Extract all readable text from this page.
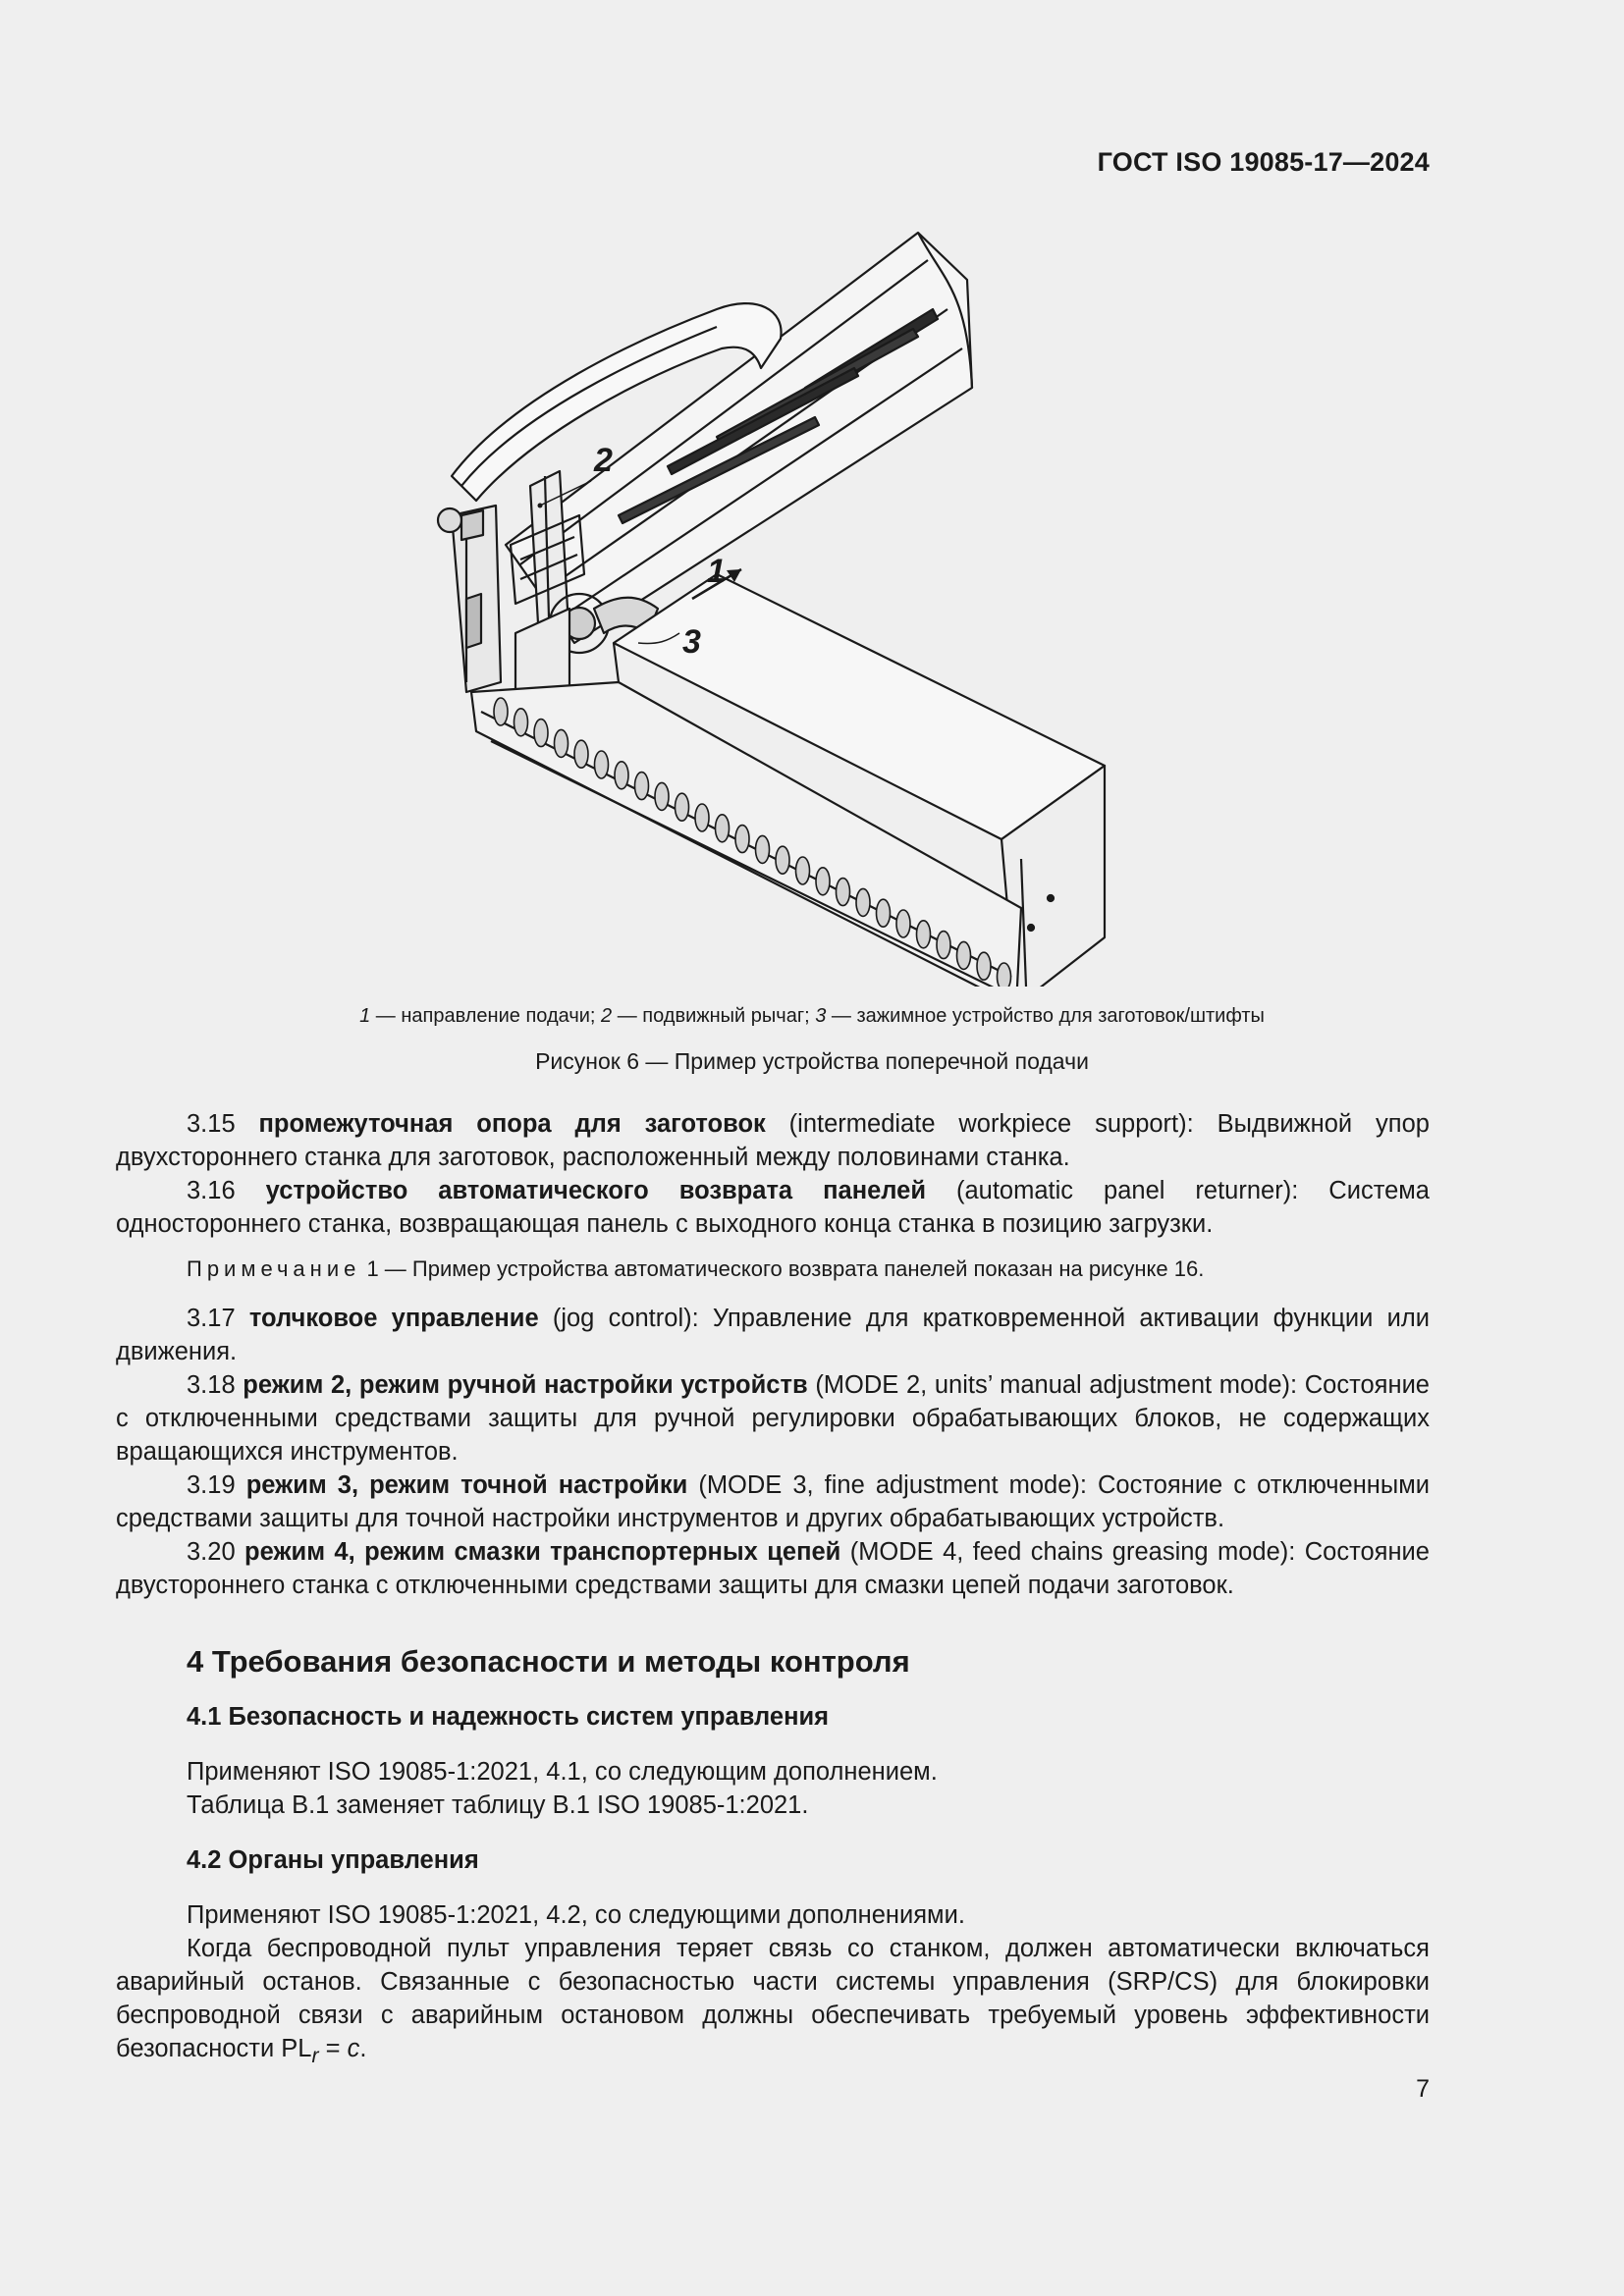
ГОСТ ISO 19085-17—2024
2
1
3
1 — направление подачи; 2 — подвижный рычаг; 3 — зажимное устройство для заготовок/штифты
Рисунок 6 — Пример устройства поперечной подачи

3.15 промежуточная опора для заготовок (intermediate workpiece support): Выдвижной упор двухстороннего станка для заготовок, расположенный между половинами станка.

3.16 устройство автоматического возврата панелей (automatic panel returner): Система одностороннего станка, возвращающая панель с выходного конца станка в позицию загрузки.

Примечание 1 — Пример устройства автоматического возврата панелей показан на рисунке 16.

3.17 толчковое управление (jog control): Управление для кратковременной активации функции или движения.

3.18 режим 2, режим ручной настройки устройств (MODE 2, units’ manual adjustment mode): Состояние с отключенными средствами защиты для ручной регулировки обрабатывающих блоков, не содержащих вращающихся инструментов.

3.19 режим 3, режим точной настройки (MODE 3, fine adjustment mode): Состояние с отключенными средствами защиты для точной настройки инструментов и других обрабатывающих устройств.

3.20 режим 4, режим смазки транспортерных цепей (MODE 4, feed chains greasing mode): Состояние двустороннего станка с отключенными средствами защиты для смазки цепей подачи заготовок.

4 Требования безопасности и методы контроля
4.1 Безопасность и надежность систем управления

Применяют ISO 19085-1:2021, 4.1, со следующим дополнением.

Таблица В.1 заменяет таблицу В.1 ISO 19085-1:2021.

4.2 Органы управления

Применяют ISO 19085-1:2021, 4.2, со следующими дополнениями.

Когда беспроводной пульт управления теряет связь со станком, должен автоматически включаться аварийный останов. Связанные с безопасностью части системы управления (SRP/CS) для блокировки беспроводной связи с аварийным остановом должны обеспечивать требуемый уровень эффективности безопасности $PL_r = c$.

7
